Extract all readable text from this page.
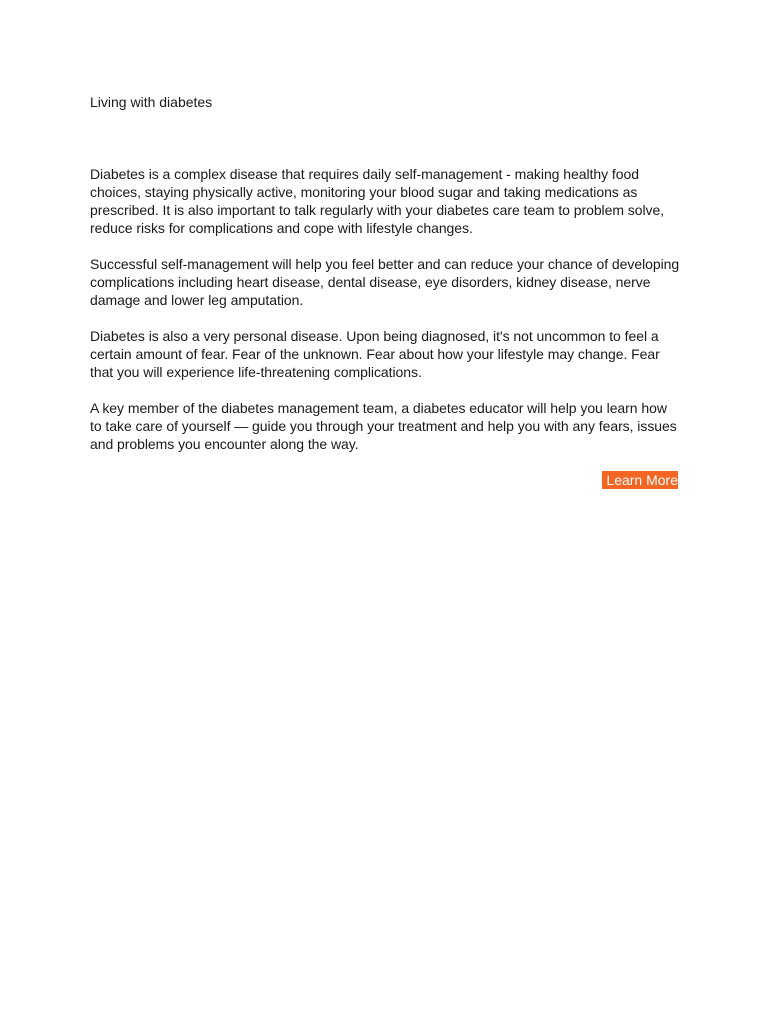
Living with diabetes

Diabetes is a complex disease that requires daily self-management - making healthy food choices, staying physically active, monitoring your blood sugar and taking medications as prescribed. It is also important to talk regularly with your diabetes care team to problem solve, reduce risks for complications and cope with lifestyle changes.

Successful self-management will help you feel better and can reduce your chance of developing complications including heart disease, dental disease, eye disorders, kidney disease, nerve damage and lower leg amputation.

Diabetes is also a very personal disease. Upon being diagnosed, it's not uncommon to feel a certain amount of fear. Fear of the unknown. Fear about how your lifestyle may change. Fear that you will experience life-threatening complications.

A key member of the diabetes management team, a diabetes educator will help you learn how to take care of yourself — guide you through your treatment and help you with any fears, issues and problems you encounter along the way.

Learn More
